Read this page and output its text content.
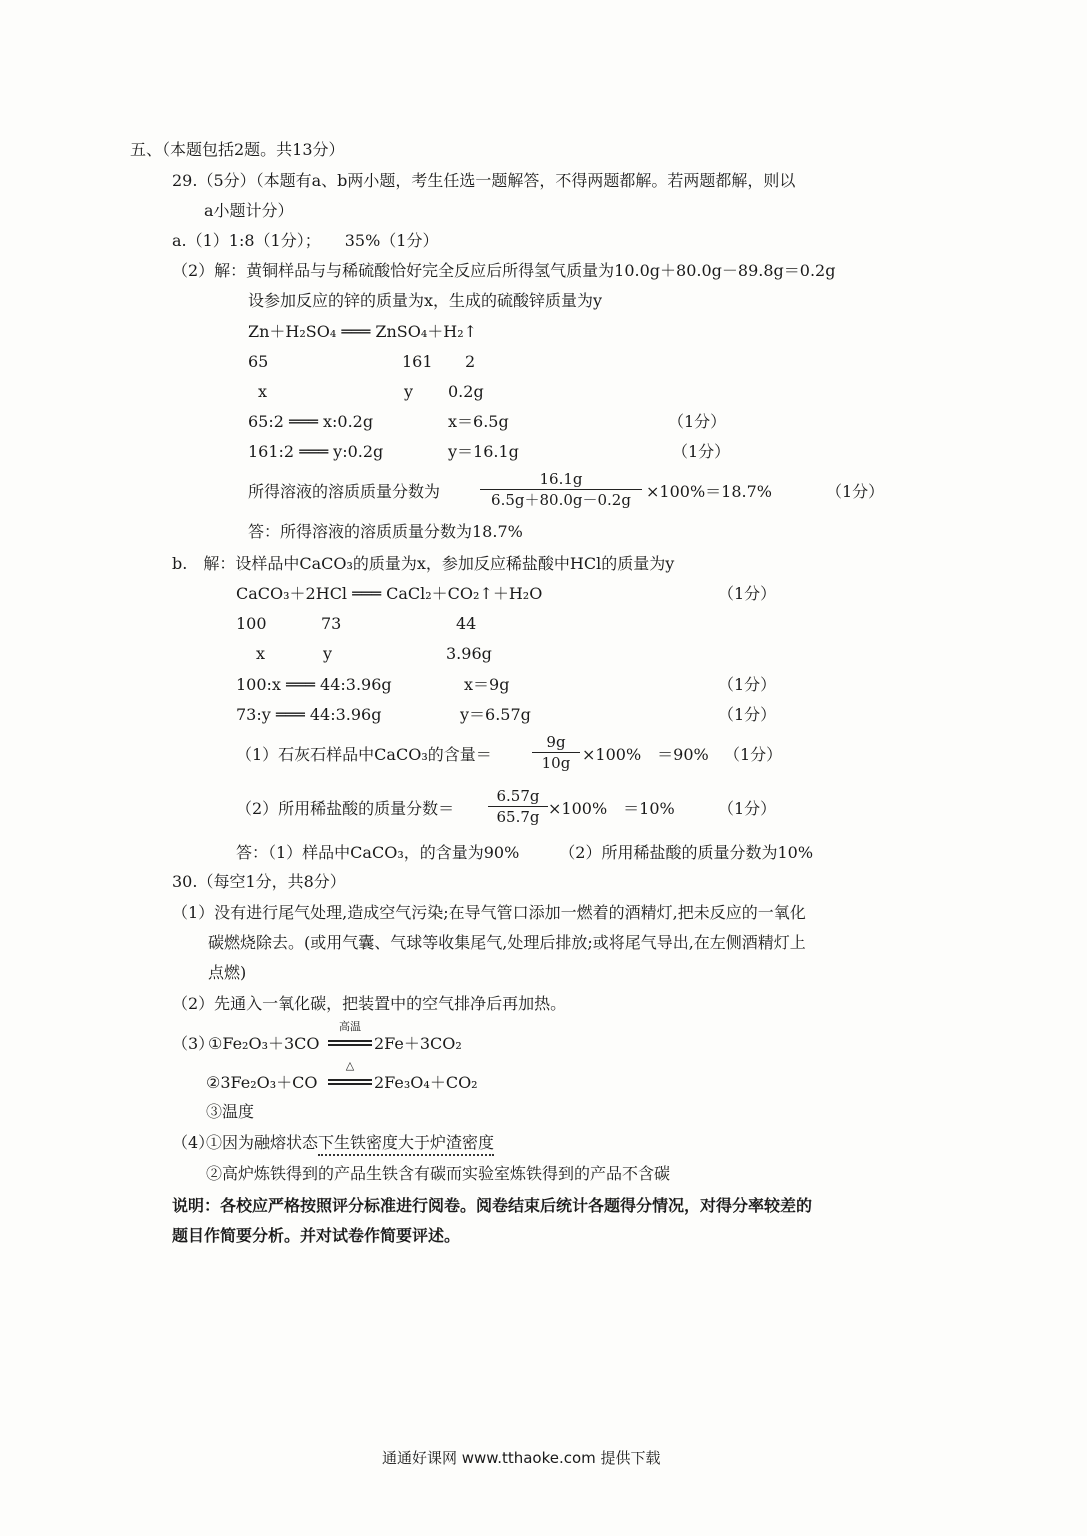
五、（本题包括2题。共13分）
29.（5分）（本题有a、b两小题，考生任选一题解答，不得两题都解。若两题都解，则以
a小题计分）
a.（1）1:8（1分）；　　35%（1分）
（2）解：黄铜样品与与稀硫酸恰好完全反应后所得氢气质量为10.0g＋80.0g－89.8g＝0.2g
设参加反应的锌的质量为x，生成的硫酸锌质量为y
Zn＋H₂SO₄ ═══ ZnSO₄＋H₂↑
65	161 2
x	y 0.2g
65:2 ═══ x:0.2g	x＝6.5g	（1分）
161:2 ═══ y:0.2g	y＝16.1g	（1分）
所得溶液的溶质质量分数为	$\frac{16.1g}{6.5g+80.0g-0.2g} \times 100\%=18.7\%$	（1分）
答：所得溶液的溶质质量分数为18.7%
b.　解：设样品中CaCO₃的质量为x，参加反应稀盐酸中HCl的质量为y
CaCO₃＋2HCl ═══ CaCl₂＋CO₂↑＋H₂O	（1分）
100	73	44
x	y	3.96g
100:x ═══ 44:3.96g	x＝9g	（1分）
73:y ═══ 44:3.96g	y＝6.57g	（1分）
（1）石灰石样品中CaCO₃的含量＝	$\frac{9g}{10g} \times 100\%$　＝90% （1分）
（2）所用稀盐酸的质量分数＝ $\frac{6.57g}{65.7g} \times 100\%$　＝10%	（1分）
答：（1）样品中CaCO₃，的含量为90%　　　（2）所用稀盐酸的质量分数为10%
30.（每空1分，共8分）
（1）没有进行尾气处理,造成空气污染;在导气管口添加一燃着的酒精灯,把未反应的一氧化
碳燃烧除去。(或用气囊、气球等收集尾气,处理后排放;或将尾气导出,在左侧酒精灯上
点燃)
（2）先通入一氧化碳，把装置中的空气排净后再加热。
（3）
①Fe₂O₃＋3CO
高温
2Fe＋3CO₂
②3Fe₂O₃＋CO
△
2Fe₃O₄＋CO₂
③温度
（4）
①因为融熔状态下生铁密度大于炉渣密度
②高炉炼铁得到的产品生铁含有碳而实验室炼铁得到的产品不含碳
说明：各校应严格按照评分标准进行阅卷。阅卷结束后统计各题得分情况，对得分率较差的
题目作简要分析。并对试卷作简要评述。
通通好课网 www.tthaoke.com 提供下载
